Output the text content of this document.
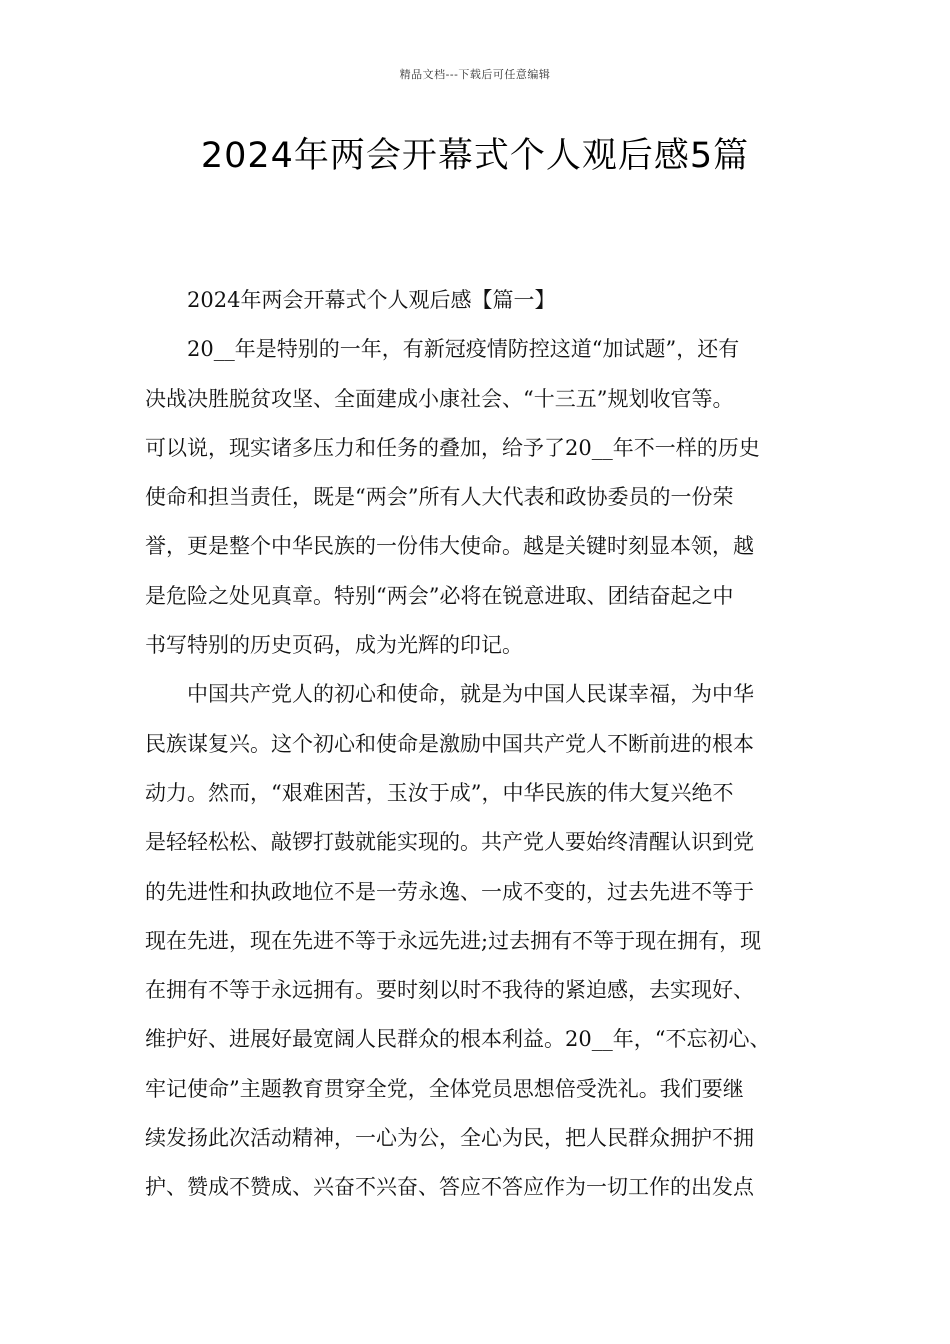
精品文档---下载后可任意编辑
2024年两会开幕式个人观后感5篇
2024年两会开幕式个人观后感【篇一】
20__年是特别的一年，有新冠疫情防控这道“加试题”，还有
决战决胜脱贫攻坚、全面建成小康社会、“十三五”规划收官等。
可以说，现实诸多压力和任务的叠加，给予了20__年不一样的历史
使命和担当责任，既是“两会”所有人大代表和政协委员的一份荣
誉，更是整个中华民族的一份伟大使命。越是关键时刻显本领，越
是危险之处见真章。特别“两会”必将在锐意进取、团结奋起之中
书写特别的历史页码，成为光辉的印记。
中国共产党人的初心和使命，就是为中国人民谋幸福，为中华
民族谋复兴。这个初心和使命是激励中国共产党人不断前进的根本
动力。然而，“艰难困苦，玉汝于成”，中华民族的伟大复兴绝不
是轻轻松松、敲锣打鼓就能实现的。共产党人要始终清醒认识到党
的先进性和执政地位不是一劳永逸、一成不变的，过去先进不等于
现在先进，现在先进不等于永远先进;过去拥有不等于现在拥有，现
在拥有不等于永远拥有。要时刻以时不我待的紧迫感，去实现好、
维护好、进展好最宽阔人民群众的根本利益。20__年，“不忘初心、
牢记使命”主题教育贯穿全党，全体党员思想倍受洗礼。我们要继
续发扬此次活动精神，一心为公，全心为民，把人民群众拥护不拥
护、赞成不赞成、兴奋不兴奋、答应不答应作为一切工作的出发点
